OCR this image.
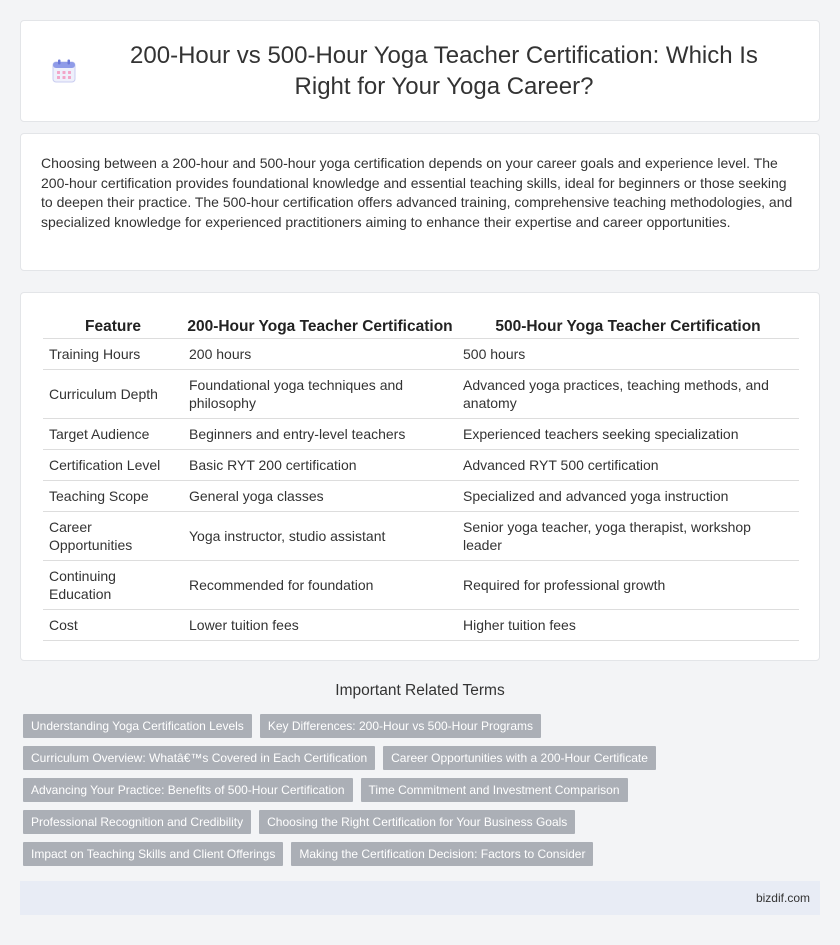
200-Hour vs 500-Hour Yoga Teacher Certification: Which Is Right for Your Yoga Career?

Choosing between a 200-hour and 500-hour yoga certification depends on your career goals and experience level. The 200-hour certification provides foundational knowledge and essential teaching skills, ideal for beginners or those seeking to deepen their practice. The 500-hour certification offers advanced training, comprehensive teaching methodologies, and specialized knowledge for experienced practitioners aiming to enhance their expertise and career opportunities.

Feature	200-Hour Yoga Teacher Certification	500-Hour Yoga Teacher Certification
Training Hours	200 hours	500 hours
Curriculum Depth	Foundational yoga techniques and philosophy	Advanced yoga practices, teaching methods, and anatomy
Target Audience	Beginners and entry-level teachers	Experienced teachers seeking specialization
Certification Level	Basic RYT 200 certification	Advanced RYT 500 certification
Teaching Scope	General yoga classes	Specialized and advanced yoga instruction
Career Opportunities	Yoga instructor, studio assistant	Senior yoga teacher, yoga therapist, workshop leader
Continuing Education	Recommended for foundation	Required for professional growth
Cost	Lower tuition fees	Higher tuition fees
Important Related Terms
Understanding Yoga Certification Levels	Key Differences: 200-Hour vs 500-Hour Programs
Curriculum Overview: Whatâ€™s Covered in Each Certification	Career Opportunities with a 200-Hour Certificate
Advancing Your Practice: Benefits of 500-Hour Certification	Time Commitment and Investment Comparison
Professional Recognition and Credibility	Choosing the Right Certification for Your Business Goals
Impact on Teaching Skills and Client Offerings	Making the Certification Decision: Factors to Consider
bizdif.com
